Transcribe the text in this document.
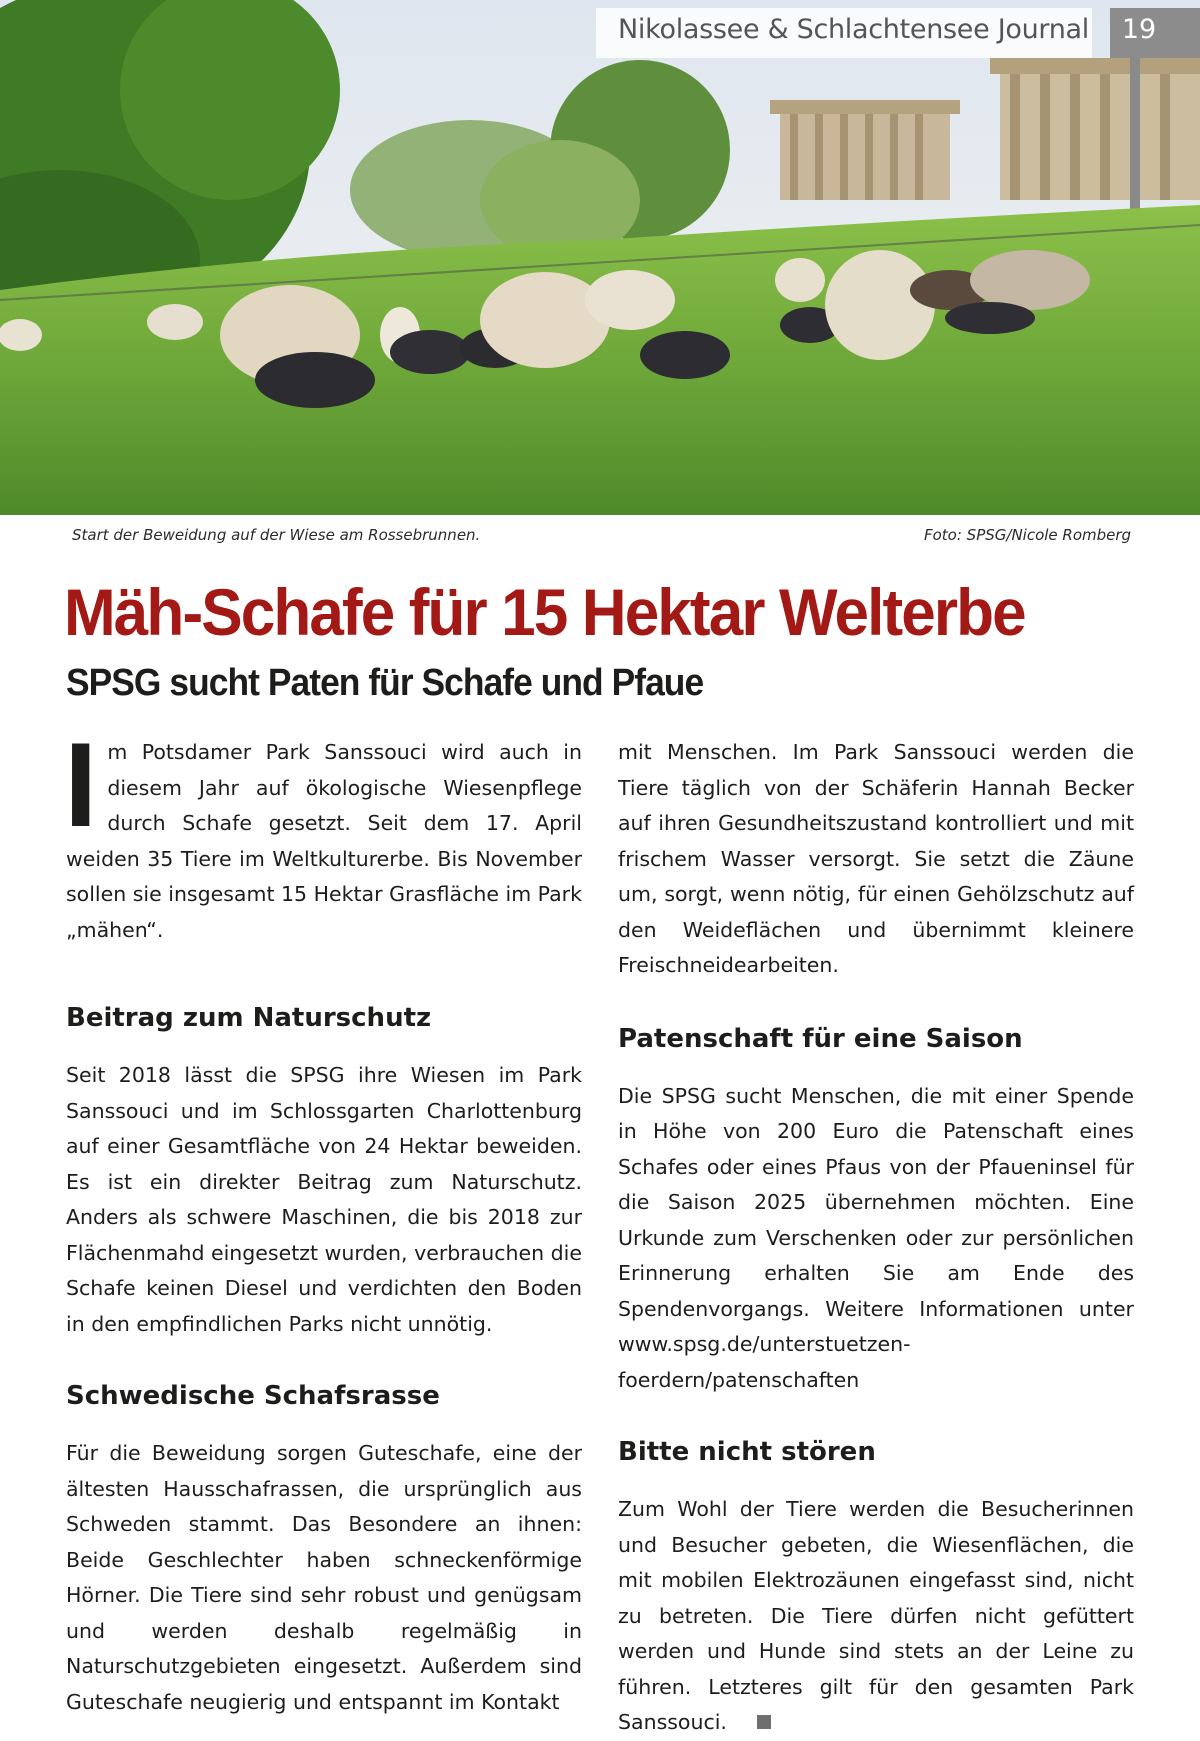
Nikolassee & Schlachtensee Journal	19
Start der Beweidung auf der Wiese am Rossebrunnen.	Foto: SPSG/Nicole Romberg
Mäh-Schafe für 15 Hektar Welterbe
SPSG sucht Paten für Schafe und Pfaue
I m Potsdamer Park Sanssouci wird auch in diesem Jahr auf ökologische Wiesenpflege durch Schafe gesetzt. Seit dem 17. April weiden 35 Tiere im Weltkulturerbe. Bis November sollen sie insgesamt 15 Hektar Grasfläche im Park „mähen“.

Beitrag zum Naturschutz

Seit 2018 lässt die SPSG ihre Wiesen im Park Sanssouci und im Schlossgarten Charlottenburg auf einer Gesamtfläche von 24 Hektar beweiden. Es ist ein direkter Beitrag zum Naturschutz. Anders als schwere Maschinen, die bis 2018 zur Flächenmahd eingesetzt wurden, verbrauchen die Schafe keinen Diesel und verdichten den Boden in den empfindlichen Parks nicht unnötig.

Schwedische Schafsrasse

Für die Beweidung sorgen Guteschafe, eine der ältesten Hausschafrassen, die ursprünglich aus Schweden stammt. Das Besondere an ihnen: Beide Geschlechter haben schneckenförmige Hörner. Die Tiere sind sehr robust und genügsam und werden deshalb regelmäßig in Naturschutzgebieten eingesetzt. Außerdem sind Guteschafe neugierig und entspannt im Kontakt

mit Menschen. Im Park Sanssouci werden die Tiere täglich von der Schäferin Hannah Becker auf ihren Gesundheitszustand kontrolliert und mit frischem Wasser versorgt. Sie setzt die Zäune um, sorgt, wenn nötig, für einen Gehölzschutz auf den Weideflächen und übernimmt kleinere Freischneidearbeiten.

Patenschaft für eine Saison

Die SPSG sucht Menschen, die mit einer Spende in Höhe von 200 Euro die Patenschaft eines Schafes oder eines Pfaus von der Pfaueninsel für die Saison 2025 übernehmen möchten. Eine Urkunde zum Verschenken oder zur persönlichen Erinnerung erhalten Sie am Ende des Spendenvorgangs. Weitere Informationen unter www.spsg.de/unterstuetzen-foerdern/patenschaften

Bitte nicht stören

Zum Wohl der Tiere werden die Besucherinnen und Besucher gebeten, die Wiesenflächen, die mit mobilen Elektrozäunen eingefasst sind, nicht zu betreten. Die Tiere dürfen nicht gefüttert werden und Hunde sind stets an der Leine zu führen. Letzteres gilt für den gesamten Park Sanssouci.
